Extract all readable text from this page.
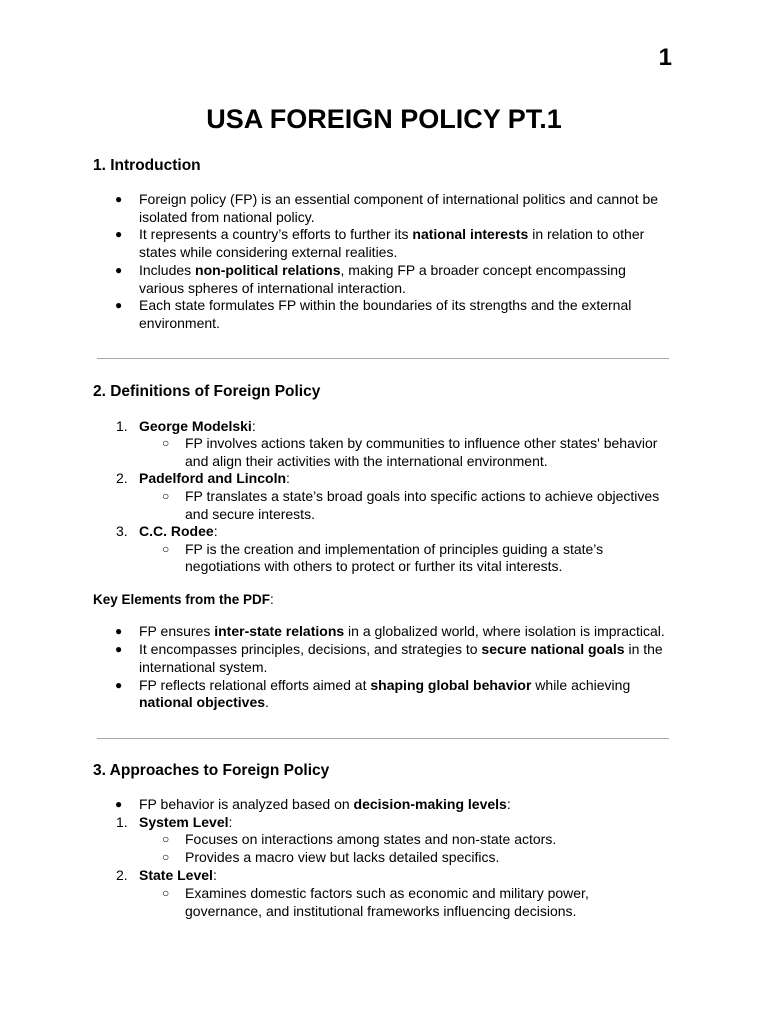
1
USA FOREIGN POLICY PT.1
1. Introduction
● Foreign policy (FP) is an essential component of international politics and cannot be
isolated from national policy.
● It represents a country’s efforts to further its national interests in relation to other
states while considering external realities.
● Includes non-political relations, making FP a broader concept encompassing
various spheres of international interaction.
● Each state formulates FP within the boundaries of its strengths and the external
environment.
2. Definitions of Foreign Policy
1. George Modelski:
○ FP involves actions taken by communities to influence other states' behavior
and align their activities with the international environment.
2. Padelford and Lincoln:
○ FP translates a state’s broad goals into specific actions to achieve objectives
and secure interests.
3. C.C. Rodee:
○ FP is the creation and implementation of principles guiding a state’s
negotiations with others to protect or further its vital interests.
Key Elements from the PDF:
● FP ensures inter-state relations in a globalized world, where isolation is impractical.
● It encompasses principles, decisions, and strategies to secure national goals in the
international system.
● FP reflects relational efforts aimed at shaping global behavior while achieving
national objectives.
3. Approaches to Foreign Policy
● FP behavior is analyzed based on decision-making levels:
1. System Level:
○ Focuses on interactions among states and non-state actors.
○ Provides a macro view but lacks detailed specifics.
2. State Level:
○ Examines domestic factors such as economic and military power,
governance, and institutional frameworks influencing decisions.
